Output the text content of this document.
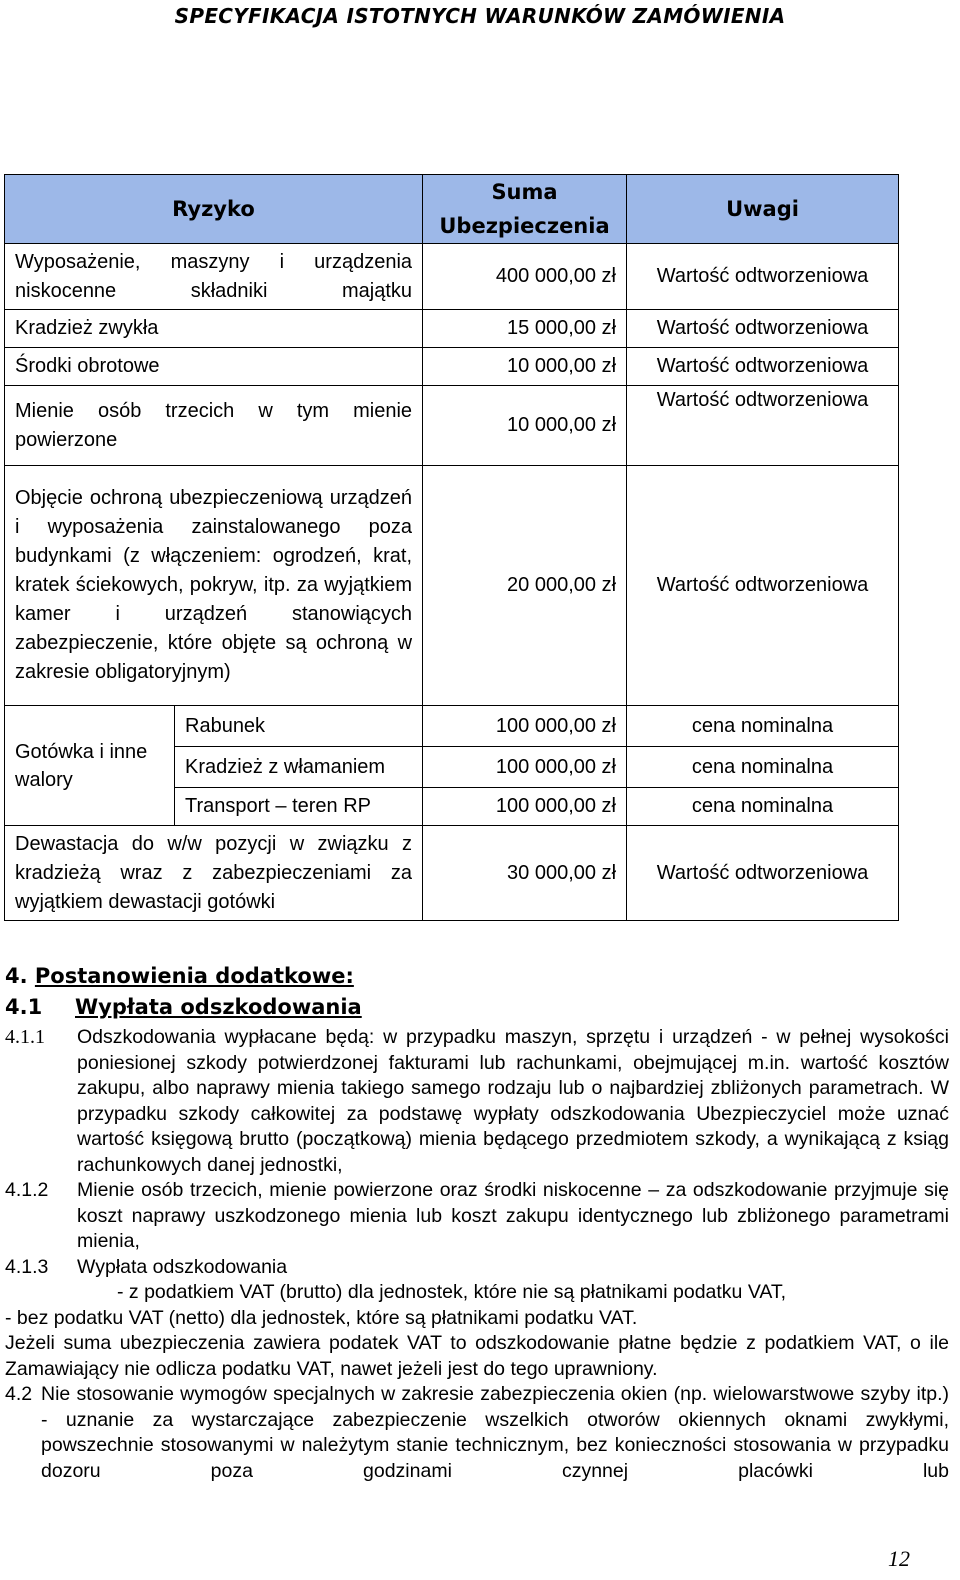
SPECYFIKACJA ISTOTNYCH WARUNKÓW ZAMÓWIENIA
Ryzyko		Suma Ubezpieczenia	Uwagi
Wyposażenie, maszyny i urządzenia niskocenne składniki majątku		400 000,00 zł	Wartość odtworzeniowa
Kradzież zwykła		15 000,00 zł	Wartość odtworzeniowa
Środki obrotowe		10 000,00 zł	Wartość odtworzeniowa
Mienie osób trzecich w tym mienie powierzone		10 000,00 zł	Wartość odtworzeniowa
Objęcie ochroną ubezpieczeniową urządzeń i wyposażenia zainstalowanego poza budynkami (z włączeniem: ogrodzeń, krat, kratek ściekowych, pokryw, itp. za wyjątkiem kamer i urządzeń stanowiących zabezpieczenie, które objęte są ochroną w zakresie obligatoryjnym)		20 000,00 zł	Wartość odtworzeniowa
Gotówka i inne walory	Rabunek	100 000,00 zł	cena nominalna
	Kradzież z włamaniem	100 000,00 zł	cena nominalna
	Transport – teren RP	100 000,00 zł	cena nominalna
Dewastacja do w/w pozycji w związku z kradzieżą wraz z zabezpieczeniami za wyjątkiem dewastacji gotówki		30 000,00 zł	Wartość odtworzeniowa
4. Postanowienia dodatkowe:
4.1 Wypłata odszkodowania
4.1.1	Odszkodowania wypłacane będą: w przypadku maszyn, sprzętu i urządzeń - w pełnej wysokości poniesionej szkody potwierdzonej fakturami lub rachunkami, obejmującej m.in. wartość kosztów zakupu, albo naprawy mienia takiego samego rodzaju lub o najbardziej zbliżonych parametrach. W przypadku szkody całkowitej za podstawę wypłaty odszkodowania Ubezpieczyciel może uznać wartość księgową brutto (początkową) mienia będącego przedmiotem szkody, a wynikającą z ksiąg rachunkowych danej jednostki,
4.1.2	Mienie osób trzecich, mienie powierzone oraz środki niskocenne – za odszkodowanie przyjmuje się koszt naprawy uszkodzonego mienia lub koszt zakupu identycznego lub zbliżonego parametrami mienia,
4.1.3	Wypłata odszkodowania
- z podatkiem VAT (brutto) dla jednostek, które nie są płatnikami podatku VAT,
- bez podatku VAT (netto) dla jednostek, które są płatnikami podatku VAT.
Jeżeli suma ubezpieczenia zawiera podatek VAT to odszkodowanie płatne będzie z podatkiem VAT, o ile Zamawiający nie odlicza podatku VAT, nawet jeżeli jest do tego uprawniony.
4.2 Nie stosowanie wymogów specjalnych w zakresie zabezpieczenia okien (np. wielowarstwowe szyby itp.) - uznanie za wystarczające zabezpieczenie wszelkich otworów okiennych oknami zwykłymi, powszechnie stosowanymi w należytym stanie technicznym, bez konieczności stosowania w przypadku dozoru poza godzinami czynnej placówki lub
12
